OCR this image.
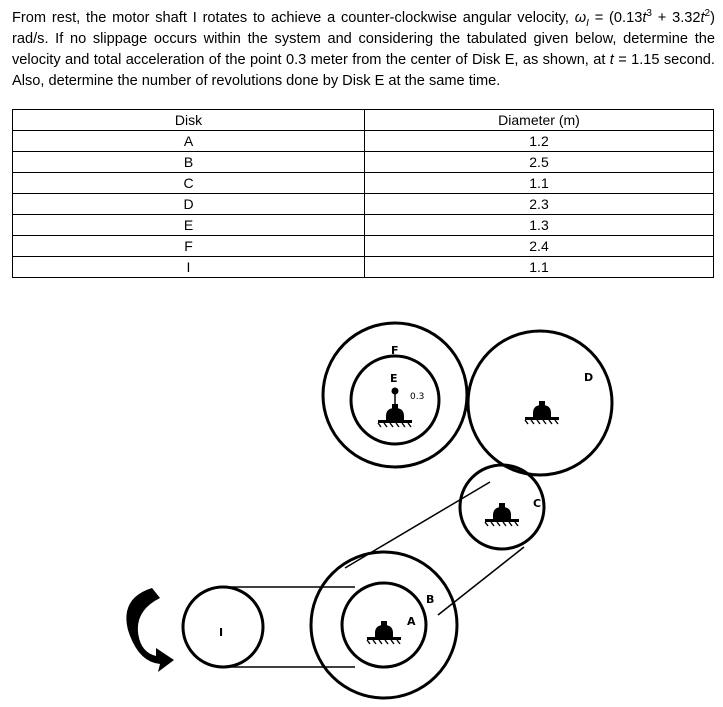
From rest, the motor shaft I rotates to achieve a counter-clockwise angular velocity, $\omega_I = (0.13t^3 + 3.32t^2)$ rad/s. If no slippage occurs within the system and considering the tabulated given below, determine the velocity and total acceleration of the point 0.3 meter from the center of Disk E, as shown, at t = 1.15 second. Also, determine the number of revolutions done by Disk E at the same time.

Disk	Diameter (m)
A	1.2
B	2.5
C	1.1
D	2.3
E	1.3
F	2.4
I	1.1
F
E
0.3
D
C
B
A
I
